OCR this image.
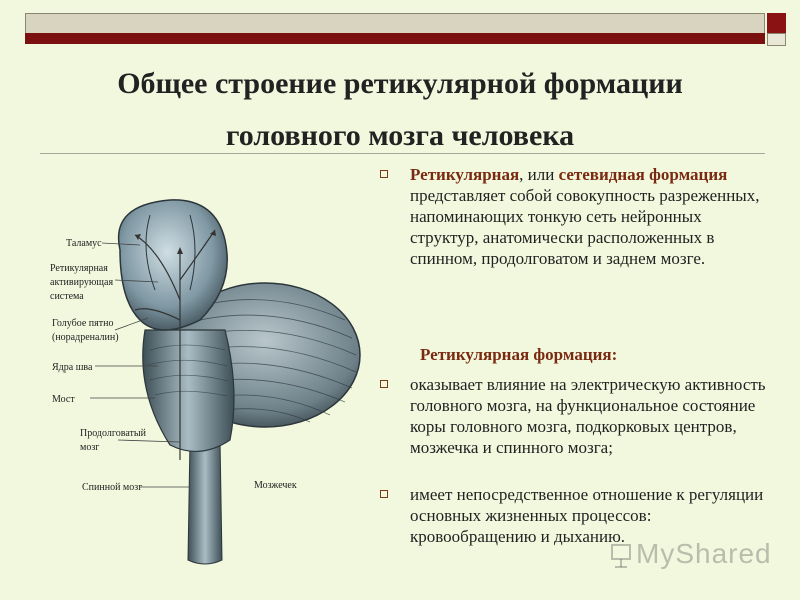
Общее строение ретикулярной формации
головного мозга человека
Таламус
Ретикулярная
активирующая
система
Голубое пятно
(норадреналин)
Ядра шва
Мост
Продолговатый
мозг
Спинной мозг	Мозжечек
Ретикулярная, или сетевидная формация представляет собой совокупность разреженных, напоминающих тонкую сеть нейронных структур, анатомически расположенных в спинном, продолговатом и заднем мозге.
Ретикулярная формация:
оказывает влияние на электрическую активность головного мозга, на функциональное состояние коры головного мозга, подкорковых центров, мозжечка и спинного мозга;
имеет непосредственное отношение к регуляции основных жизненных процессов: кровообращению и дыханию.
MyShared
